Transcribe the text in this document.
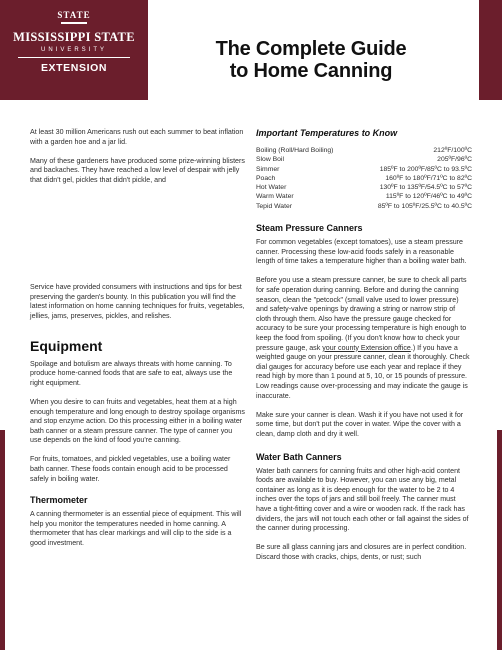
STATE
MISSISSIPPI STATE
UNIVERSITY
EXTENSION
The Complete Guide
to Home Canning

At least 30 million Americans rush out each summer to beat inflation with a garden hoe and a jar lid.

Many of these gardeners have produced some prize-winning blisters and backaches. They have reached a low level of despair with jelly that didn't gel, pickles that didn't pickle, and

Service have provided consumers with instructions and tips for best preserving the garden's bounty. In this publication you will find the latest information on home canning techniques for fruits, vegetables, jellies, jams, preserves, pickles, and relishes.

Equipment

Spoilage and botulism are always threats with home canning. To produce home-canned foods that are safe to eat, always use the right equipment.

When you desire to can fruits and vegetables, heat them at a high enough temperature and long enough to destroy spoilage organisms and stop enzyme action. Do this processing either in a boiling water bath canner or a steam pressure canner. The type of canner you use depends on the kind of food you're canning.

For fruits, tomatoes, and pickled vegetables, use a boiling water bath canner. These foods contain enough acid to be processed safely in boiling water.

Thermometer

A canning thermometer is an essential piece of equipment. This will help you monitor the temperatures needed in home canning. A thermometer that has clear markings and will clip to the side is a good investment.

Important Temperatures to Know
Boiling (Roll/Hard Boiling)	212ºF/100ºC
Slow Boil	205ºF/96ºC
Simmer	185ºF to 200ºF/85ºC to 93.5ºC
Poach	160ºF to 180ºF/71ºC to 82ºC
Hot Water	130ºF to 135ºF/54.5ºC to 57ºC
Warm Water	115ºF to 120ºF/46ºC to 49ºC
Tepid Water	85ºF to 105ºF/25.5ºC to 40.5ºC
Steam Pressure Canners

For common vegetables (except tomatoes), use a steam pressure canner. Processing these low-acid foods safely in a reasonable length of time takes a temperature higher than a boiling water bath.

Before you use a steam pressure canner, be sure to check all parts for safe operation during canning. Before and during the canning season, clean the "petcock" (small valve used to lower pressure) and safety-valve openings by drawing a string or narrow strip of cloth through them. Also have the pressure gauge checked for accuracy to be sure your processing temperature is high enough to keep the food from spoiling. (If you don't know how to check your pressure gauge, ask your county Extension office.) If you have a weighted gauge on your pressure canner, clean it thoroughly. Check dial gauges for accuracy before use each year and replace if they read high by more than 1 pound at 5, 10, or 15 pounds of pressure. Low readings cause over-processing and may indicate the gauge is inaccurate.

Make sure your canner is clean. Wash it if you have not used it for some time, but don't put the cover in water. Wipe the cover with a clean, damp cloth and dry it well.

Water Bath Canners

Water bath canners for canning fruits and other high-acid content foods are available to buy. However, you can use any big, metal container as long as it is deep enough for the water to be 2 to 4 inches over the tops of jars and still boil freely. The canner must have a tight-fitting cover and a wire or wooden rack. If the rack has dividers, the jars will not touch each other or fall against the sides of the canner during processing.

Be sure all glass canning jars and closures are in perfect condition. Discard those with cracks, chips, dents, or rust; such
